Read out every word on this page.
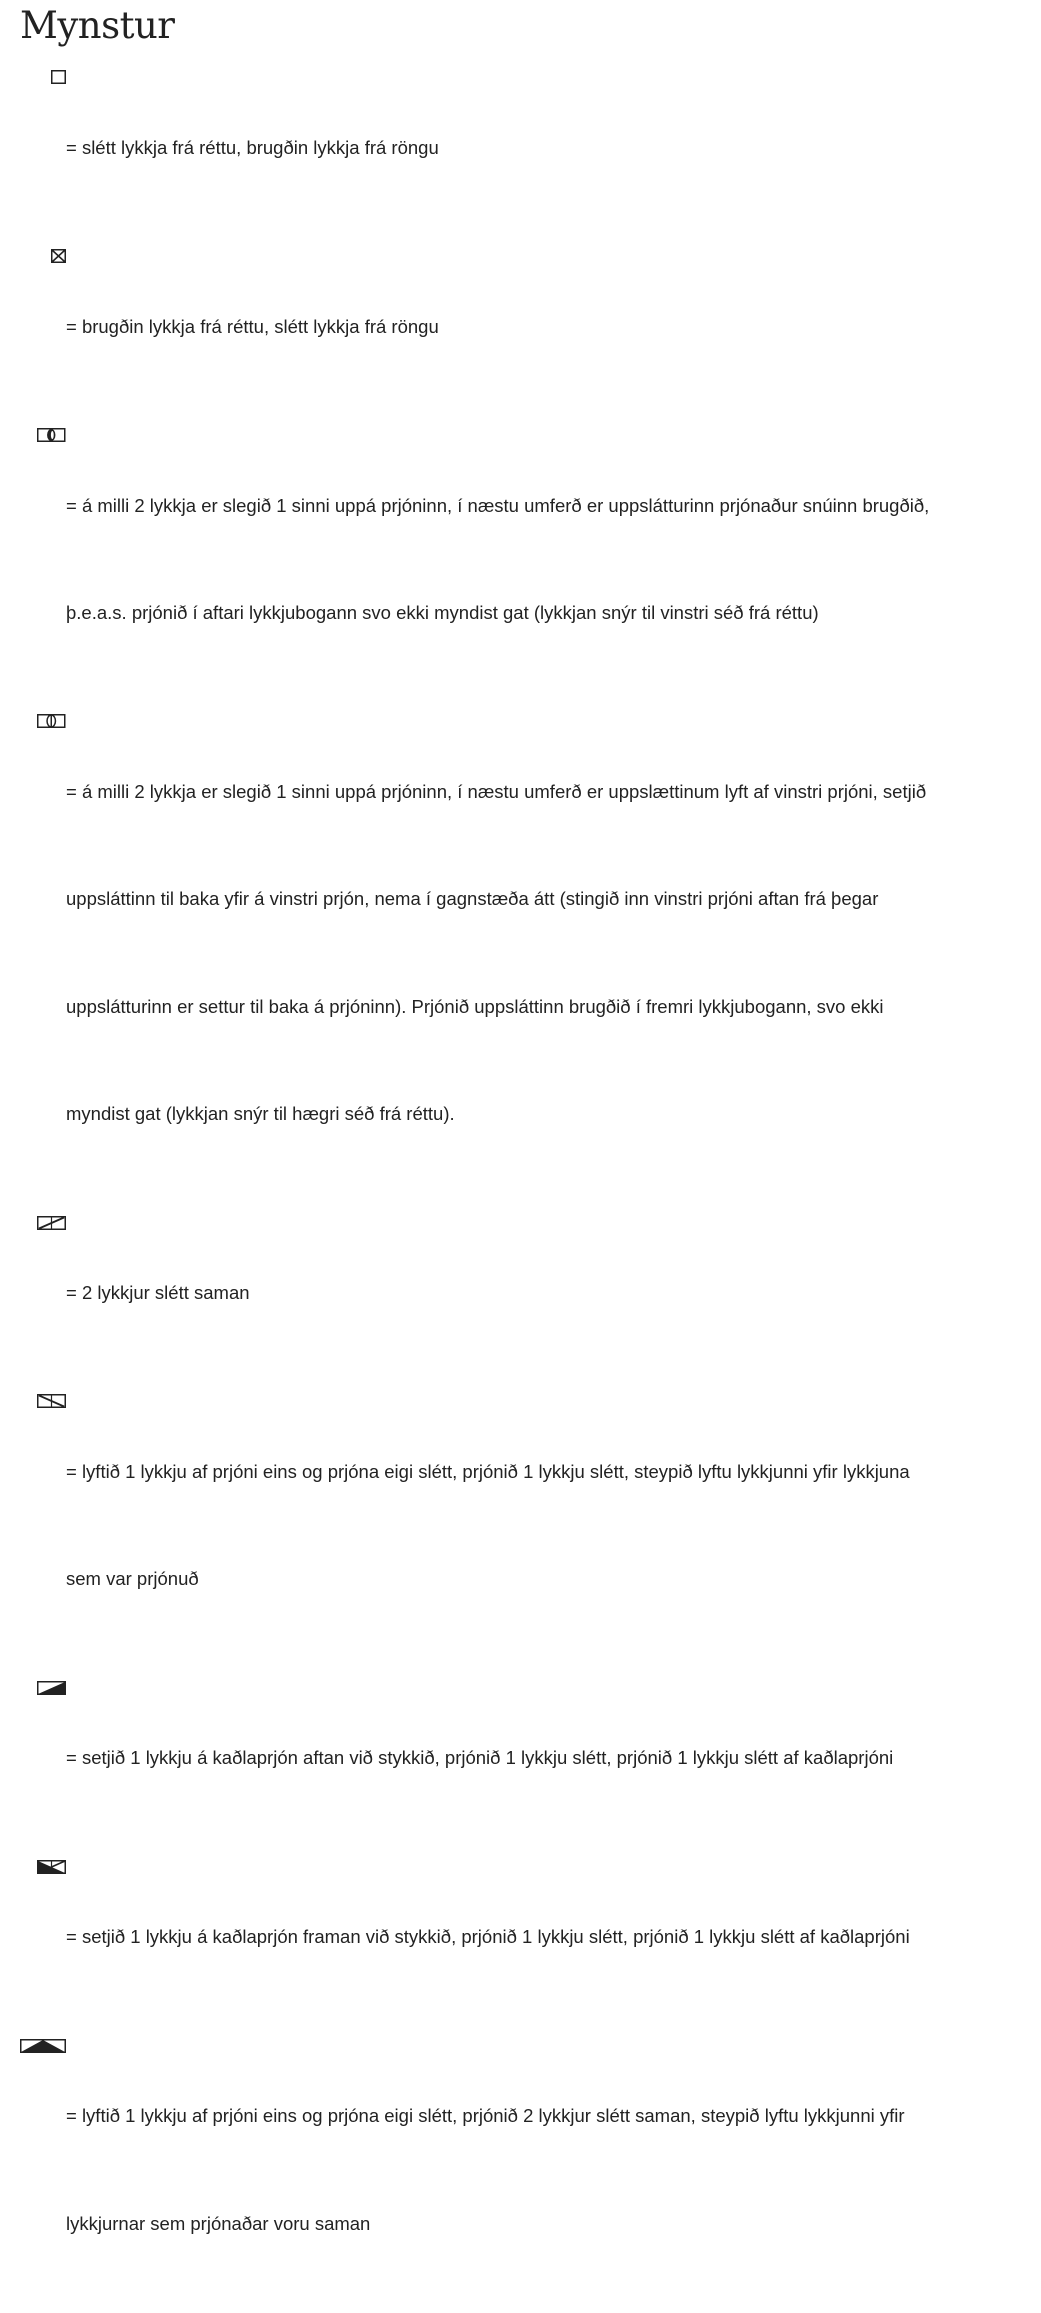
Mynstur

= slétt lykkja frá réttu, brugðin lykkja frá röngu

= brugðin lykkja frá réttu, slétt lykkja frá röngu

= á milli 2 lykkja er slegið 1 sinni uppá prjóninn, í næstu umferð er uppslátturinn prjónaður snúinn brugðið,

þ.e.a.s. prjónið í aftari lykkjubogann svo ekki myndist gat (lykkjan snýr til vinstri séð frá réttu)

= á milli 2 lykkja er slegið 1 sinni uppá prjóninn, í næstu umferð er uppslættinum lyft af vinstri prjóni, setjið

uppsláttinn til baka yfir á vinstri prjón, nema í gagnstæða átt (stingið inn vinstri prjóni aftan frá þegar

uppslátturinn er settur til baka á prjóninn). Prjónið uppsláttinn brugðið í fremri lykkjubogann, svo ekki

myndist gat (lykkjan snýr til hægri séð frá réttu).

= 2 lykkjur slétt saman

= lyftið 1 lykkju af prjóni eins og prjóna eigi slétt, prjónið 1 lykkju slétt, steypið lyftu lykkjunni yfir lykkjuna

sem var prjónuð

= setjið 1 lykkju á kaðlaprjón aftan við stykkið, prjónið 1 lykkju slétt, prjónið 1 lykkju slétt af kaðlaprjóni

= setjið 1 lykkju á kaðlaprjón framan við stykkið, prjónið 1 lykkju slétt, prjónið 1 lykkju slétt af kaðlaprjóni

= lyftið 1 lykkju af prjóni eins og prjóna eigi slétt, prjónið 2 lykkjur slétt saman, steypið lyftu lykkjunni yfir

lykkjurnar sem prjónaðar voru saman
